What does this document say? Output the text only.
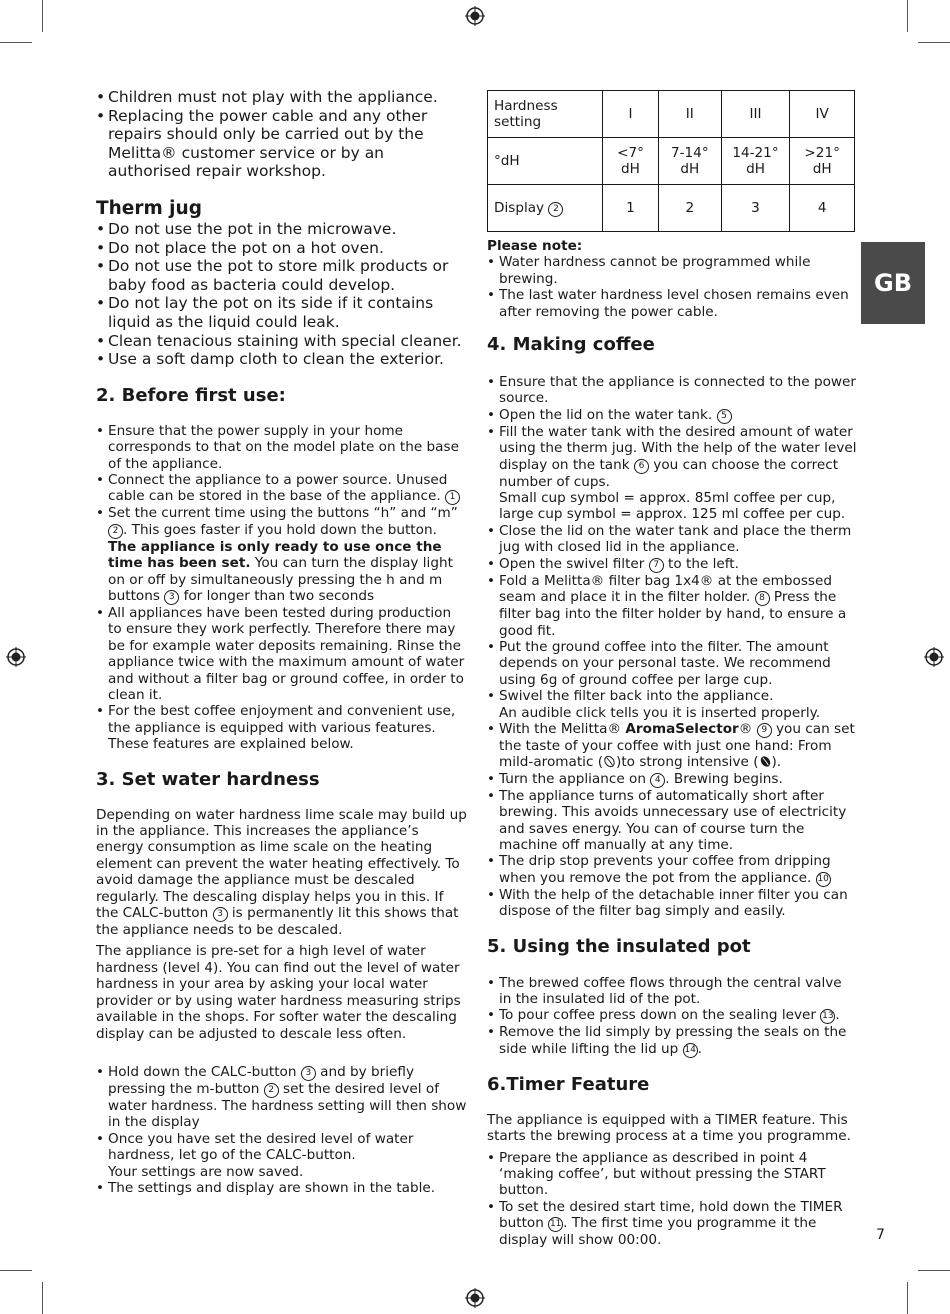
• Children must not play with the appliance.
• Replacing the power cable and any other repairs should only be carried out by the Melitta® customer service or by an authorised repair workshop.
Therm jug
• Do not use the pot in the microwave.
• Do not place the pot on a hot oven.
• Do not use the pot to store milk products or baby food as bacteria could develop.
• Do not lay the pot on its side if it contains liquid as the liquid could leak.
• Clean tenacious staining with special cleaner.
• Use a soft damp cloth to clean the exterior.
2. Before first use:
• Ensure that the power supply in your home corresponds to that on the model plate on the base of the appliance.
• Connect the appliance to a power source. Unused cable can be stored in the base of the appliance. 1
• Set the current time using the buttons “h” and “m” 2 . This goes faster if you hold down the button. The appliance is only ready to use once the time has been set. You can turn the display light on or off by simultaneously pressing the h and m buttons 3 for longer than two seconds
• All appliances have been tested during production to ensure they work perfectly. Therefore there may be for example water deposits remaining. Rinse the appliance twice with the maximum amount of water and without a filter bag or ground coffee, in order to clean it.
• For the best coffee enjoyment and convenient use, the appliance is equipped with various features. These features are explained below.
3. Set water hardness

Depending on water hardness lime scale may build up in the appliance. This increases the appliance’s energy consumption as lime scale on the heating element can prevent the water heating effectively. To avoid damage the appliance must be descaled regularly. The descaling display helps you in this. If the CALC-button 3 is permanently lit this shows that the appliance needs to be descaled.

The appliance is pre-set for a high level of water hardness (level 4). You can find out the level of water hardness in your area by asking your local water provider or by using water hardness measuring strips available in the shops. For softer water the descaling display can be adjusted to descale less often.

• Hold down the CALC-button 3 and by briefly pressing the m-button 2 set the desired level of water hardness. The hardness setting will then show in the display
• Once you have set the desired level of water hardness, let go of the CALC-button.
Your settings are now saved.
• The settings and display are shown in the table.
Hardness setting	I	II	III	IV
°dH	<7° dH	7-14° dH	14-21° dH	>21° dH
Display 2	1	2	3	4

Please note:

• Water hardness cannot be programmed while brewing.
• The last water hardness level chosen remains even after removing the power cable.
4. Making coffee
• Ensure that the appliance is connected to the power source.
• Open the lid on the water tank. 5
• Fill the water tank with the desired amount of water using the therm jug. With the help of the water level display on the tank 6 you can choose the correct number of cups.
Small cup symbol = approx. 85ml coffee per cup,
large cup symbol = approx. 125 ml coffee per cup.
• Close the lid on the water tank and place the therm jug with closed lid in the appliance.
• Open the swivel filter 7 to the left.
• Fold a Melitta® filter bag 1x4® at the embossed seam and place it in the filter holder. 8 Press the filter bag into the filter holder by hand, to ensure a good fit.
• Put the ground coffee into the filter. The amount depends on your personal taste. We recommend using 6g of ground coffee per large cup.
• Swivel the filter back into the appliance.
An audible click tells you it is inserted properly.
• With the Melitta® AromaSelector® 9 you can set the taste of your coffee with just one hand: From mild-aromatic ( )to strong intensive ( ).
• Turn the appliance on 4 . Brewing begins.
• The appliance turns of automatically short after brewing. This avoids unnecessary use of electricity and saves energy. You can of course turn the machine off manually at any time.
• The drip stop prevents your coffee from dripping when you remove the pot from the appliance. 10
• With the help of the detachable inner filter you can dispose of the filter bag simply and easily.
5. Using the insulated pot
• The brewed coffee flows through the central valve in the insulated lid of the pot.
• To pour coffee press down on the sealing lever 13 .
• Remove the lid simply by pressing the seals on the side while lifting the lid up 14 .
6.Timer Feature

The appliance is equipped with a TIMER feature. This starts the brewing process at a time you programme.

• Prepare the appliance as described in point 4 ‘making coffee’, but without pressing the START button.
• To set the desired start time, hold down the TIMER button 11 . The first time you programme it the display will show 00:00.
GB
7
